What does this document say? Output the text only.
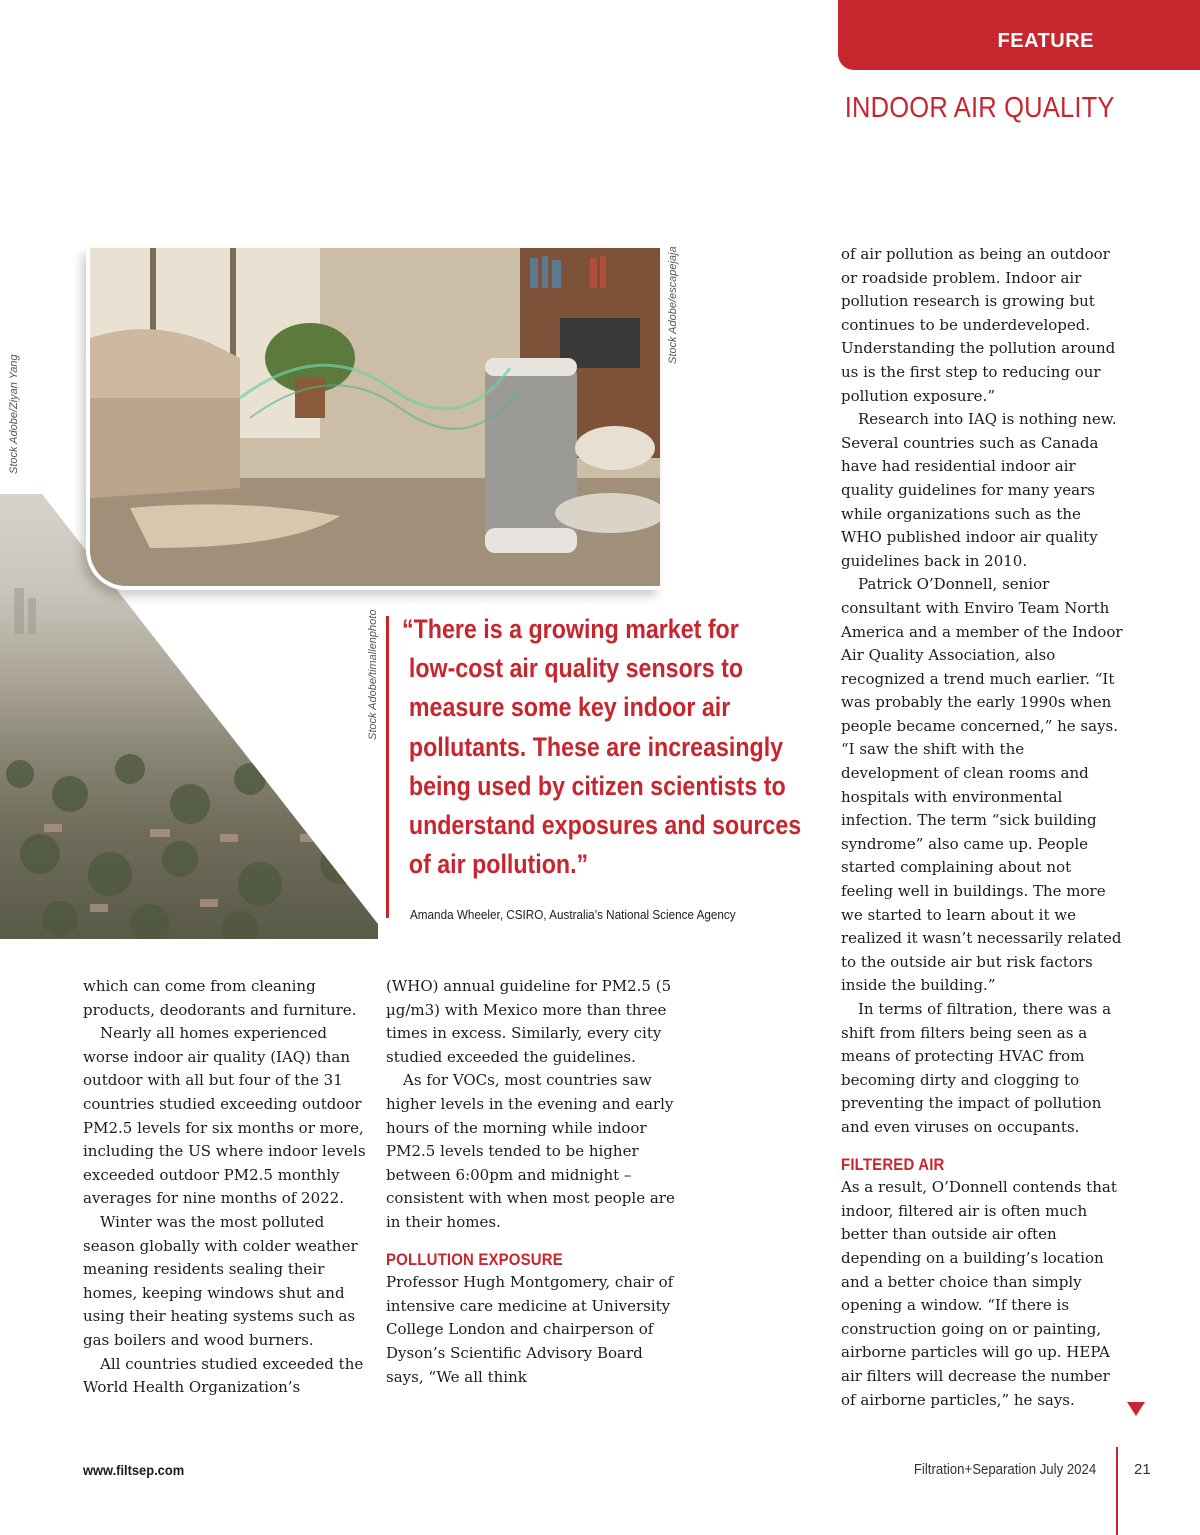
FEATURE
INDOOR AIR QUALITY
Stock Adobe/escapejaja
Stock Adobe/Ziyan Yang
Stock Adobe/timallenphoto “There is a growing market for
low-cost air quality sensors to
measure some key indoor air
pollutants. These are increasingly
being used by citizen scientists to
understand exposures and sources
of air pollution.”
Amanda Wheeler, CSIRO, Australia’s National Science Agency

which can come from cleaning products, deodorants and furniture.

Nearly all homes experienced worse indoor air quality (IAQ) than outdoor with all but four of the 31 countries studied exceeding outdoor PM2.5 levels for six months or more, including the US where indoor levels exceeded outdoor PM2.5 monthly averages for nine months of 2022.

Winter was the most polluted season globally with colder weather meaning residents sealing their homes, keeping windows shut and using their heating systems such as gas boilers and wood burners.

All countries studied exceeded the World Health Organization’s

(WHO) annual guideline for PM2.5 (5 µg/m3) with Mexico more than three times in excess. Similarly, every city studied exceeded the guidelines.

As for VOCs, most countries saw higher levels in the evening and early hours of the morning while indoor PM2.5 levels tended to be higher between 6:00pm and midnight – consistent with when most people are in their homes.

POLLUTION EXPOSURE

Professor Hugh Montgomery, chair of intensive care medicine at University College London and chairperson of Dyson’s Scientific Advisory Board says, “We all think

of air pollution as being an outdoor or roadside problem. Indoor air pollution research is growing but continues to be underdeveloped. Understanding the pollution around us is the first step to reducing our pollution exposure.”

Research into IAQ is nothing new. Several countries such as Canada have had residential indoor air quality guidelines for many years while organizations such as the WHO published indoor air quality guidelines back in 2010.

Patrick O’Donnell, senior consultant with Enviro Team North America and a member of the Indoor Air Quality Association, also recognized a trend much earlier. “It was probably the early 1990s when people became concerned,” he says. “I saw the shift with the development of clean rooms and hospitals with environmental infection. The term “sick building syndrome” also came up. People started complaining about not feeling well in buildings. The more we started to learn about it we realized it wasn’t necessarily related to the outside air but risk factors inside the building.”

In terms of filtration, there was a shift from filters being seen as a means of protecting HVAC from becoming dirty and clogging to preventing the impact of pollution and even viruses on occupants.

FILTERED AIR

As a result, O’Donnell contends that indoor, filtered air is often much better than outside air often depending on a building’s location and a better choice than simply opening a window. “If there is construction going on or painting, airborne particles will go up. HEPA air filters will decrease the number of airborne particles,” he says.

www.filtsep.com	Filtration+Separation July 2024	21
